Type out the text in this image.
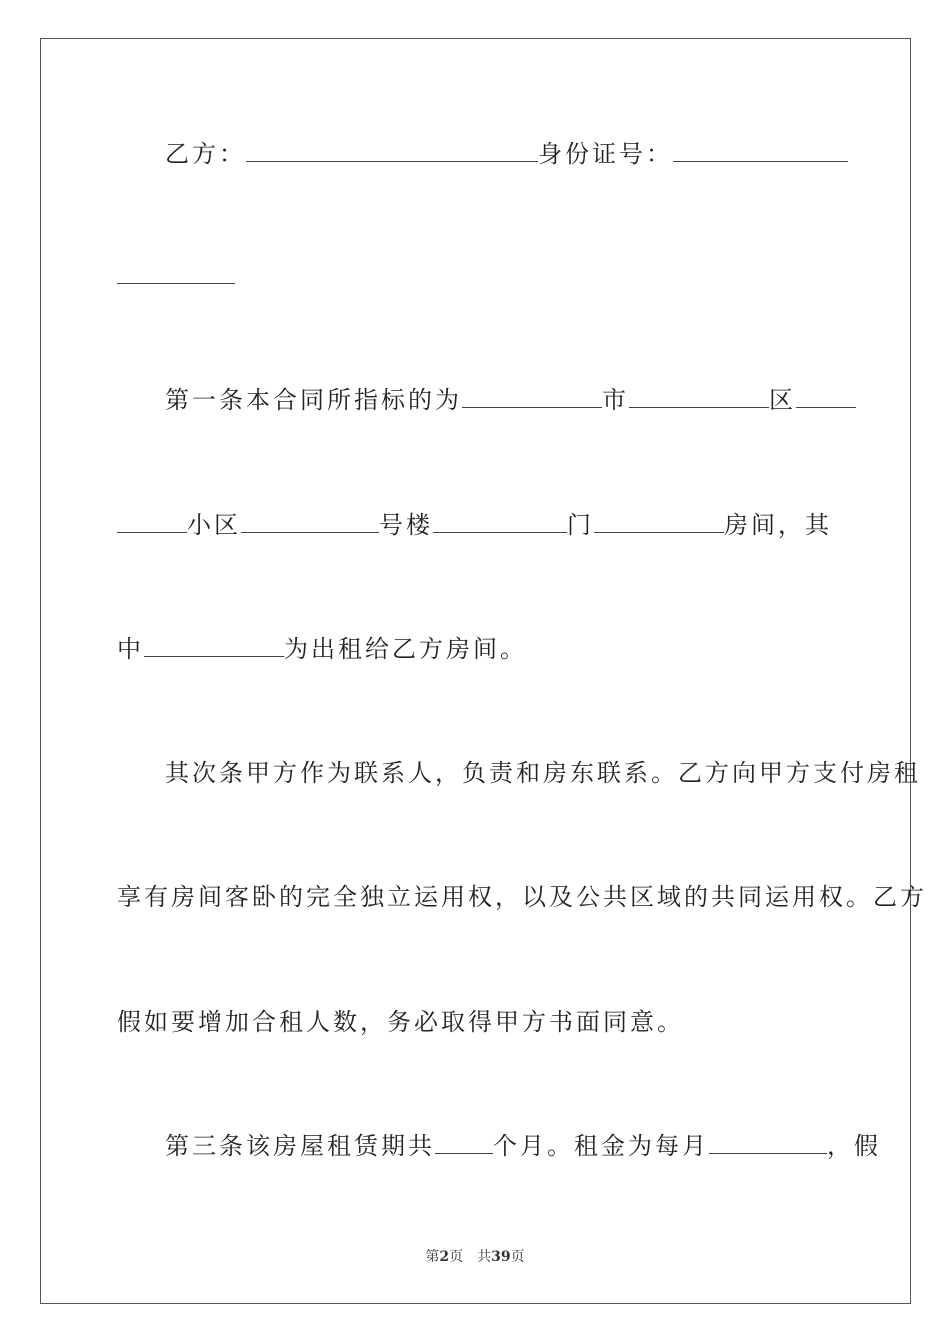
乙方：	身份证号：
第一条本合同所指标的为	市	区
小区	号楼	门	房间，其
中	为出租给乙方房间。
其次条甲方作为联系人，负责和房东联系。乙方向甲方支付房租
享有房间客卧的完全独立运用权，以及公共区域的共同运用权。乙方
假如要增加合租人数，务必取得甲方书面同意。
第三条该房屋租赁期共 个月。租金为每月	，假
第2页　共39页
